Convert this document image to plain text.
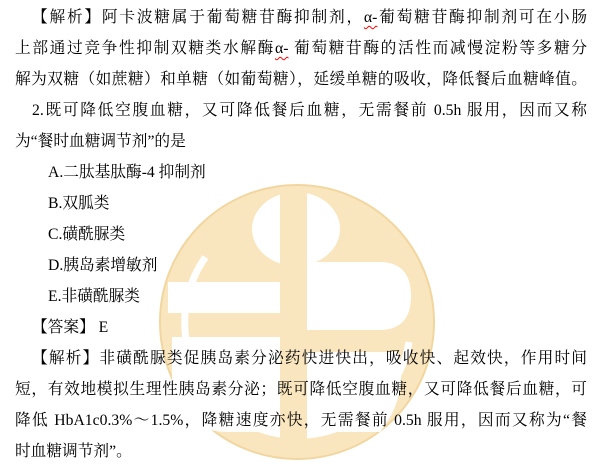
【解析】阿卡波糖属于葡萄糖苷酶抑制剂，α-葡萄糖苷酶抑制剂可在小肠
上部通过竞争性抑制双糖类水解酶α- 葡萄糖苷酶的活性而减慢淀粉等多糖分
解为双糖（如蔗糖）和单糖（如葡萄糖），延缓单糖的吸收，降低餐后血糖峰值。
2.既可降低空腹血糖，又可降低餐后血糖，无需餐前 0.5h 服用，因而又称
为“餐时血糖调节剂”的是
A.二肽基肽酶-4 抑制剂
B.双胍类
C.磺酰脲类
D.胰岛素增敏剂
E.非磺酰脲类
【答案】 E
【解析】非磺酰脲类促胰岛素分泌药快进快出，吸收快、起效快，作用时间
短，有效地模拟生理性胰岛素分泌；既可降低空腹血糖，又可降低餐后血糖，可
降低 HbA1c0.3%～1.5%，降糖速度亦快，无需餐前 0.5h 服用，因而又称为“餐
时血糖调节剂”。
